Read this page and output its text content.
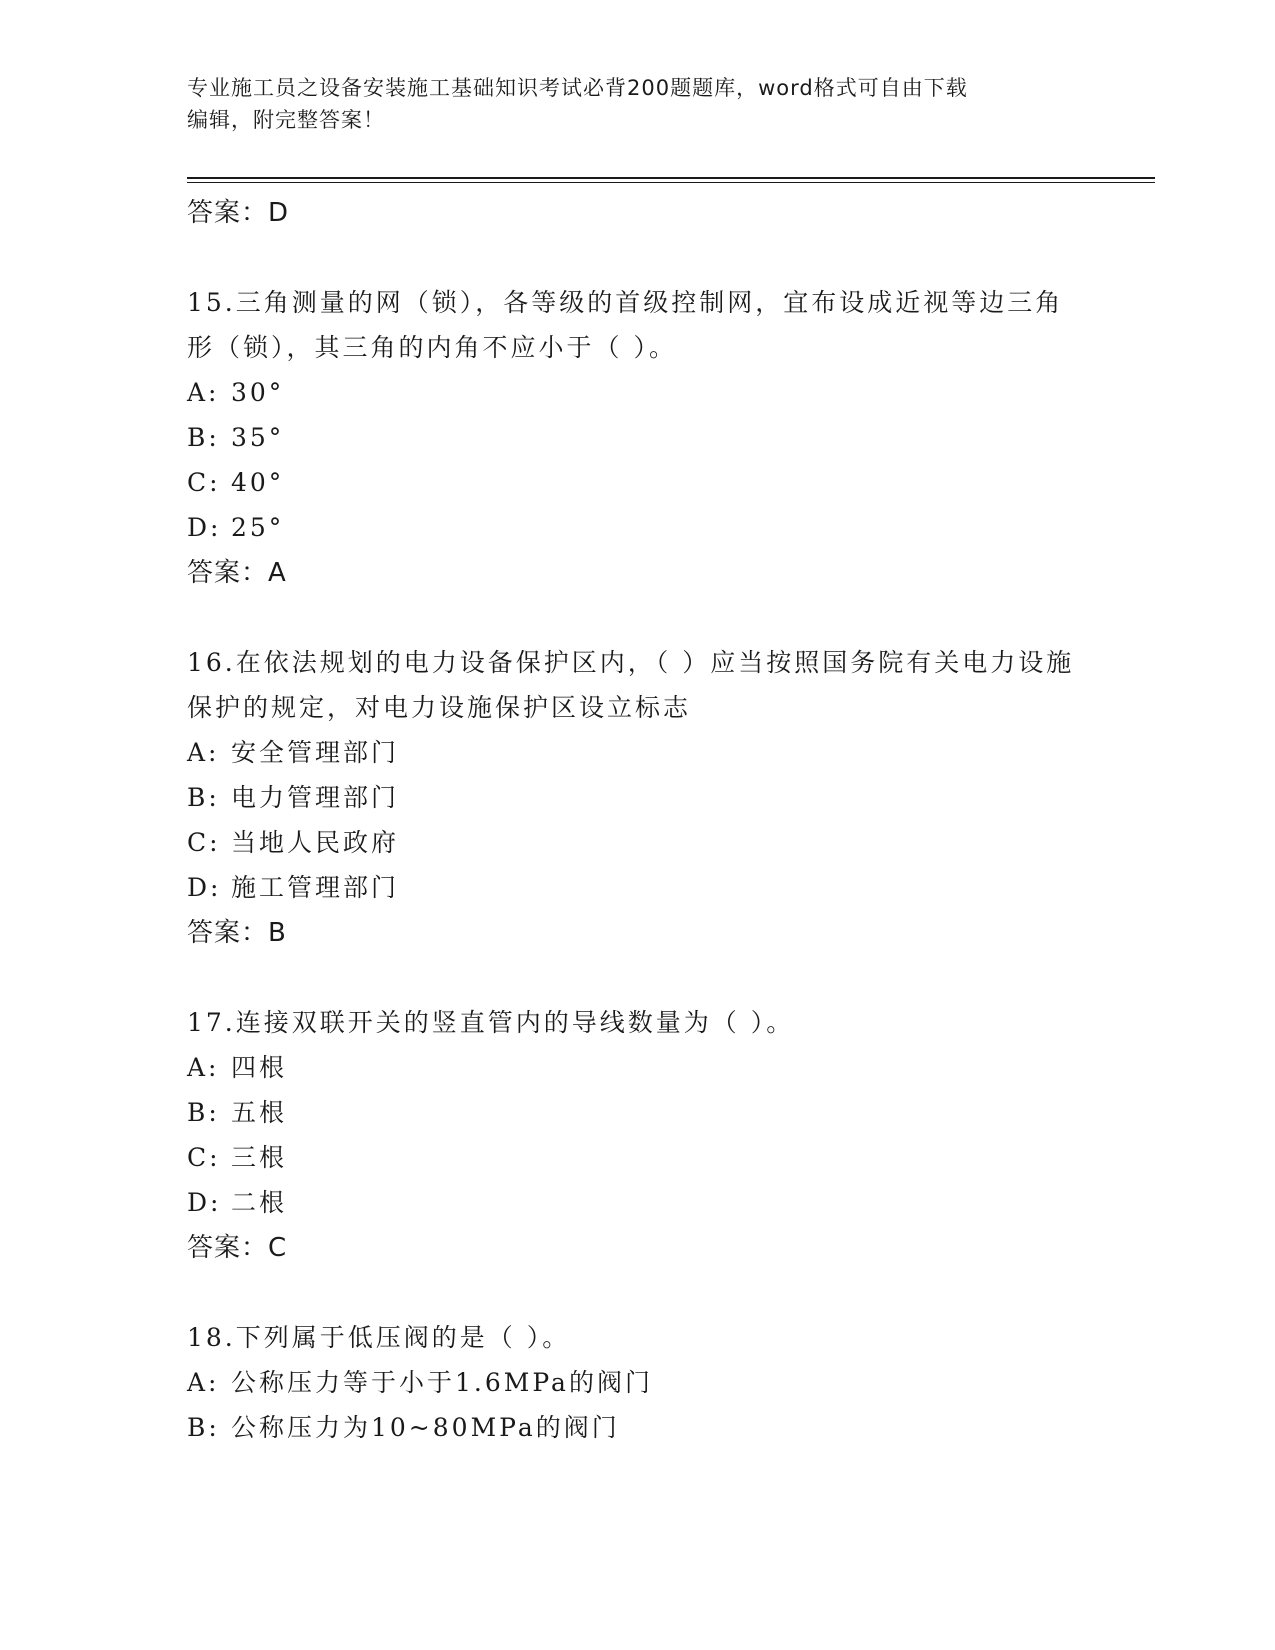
专业施工员之设备安装施工基础知识考试必背200题题库，word格式可自由下载
编辑，附完整答案！
答案：D
15.三角测量的网（锁），各等级的首级控制网，宜布设成近视等边三角形（锁），其三角的内角不应小于（ ）。
A: 30°
B: 35°
C: 40°
D: 25°
答案：A
16.在依法规划的电力设备保护区内，（ ）应当按照国务院有关电力设施保护的规定，对电力设施保护区设立标志
A: 安全管理部门
B: 电力管理部门
C: 当地人民政府
D: 施工管理部门
答案：B
17.连接双联开关的竖直管内的导线数量为（ ）。
A: 四根
B: 五根
C: 三根
D: 二根
答案：C
18.下列属于低压阀的是（ ）。
A: 公称压力等于小于1.6MPa的阀门
B: 公称压力为10~80MPa的阀门
